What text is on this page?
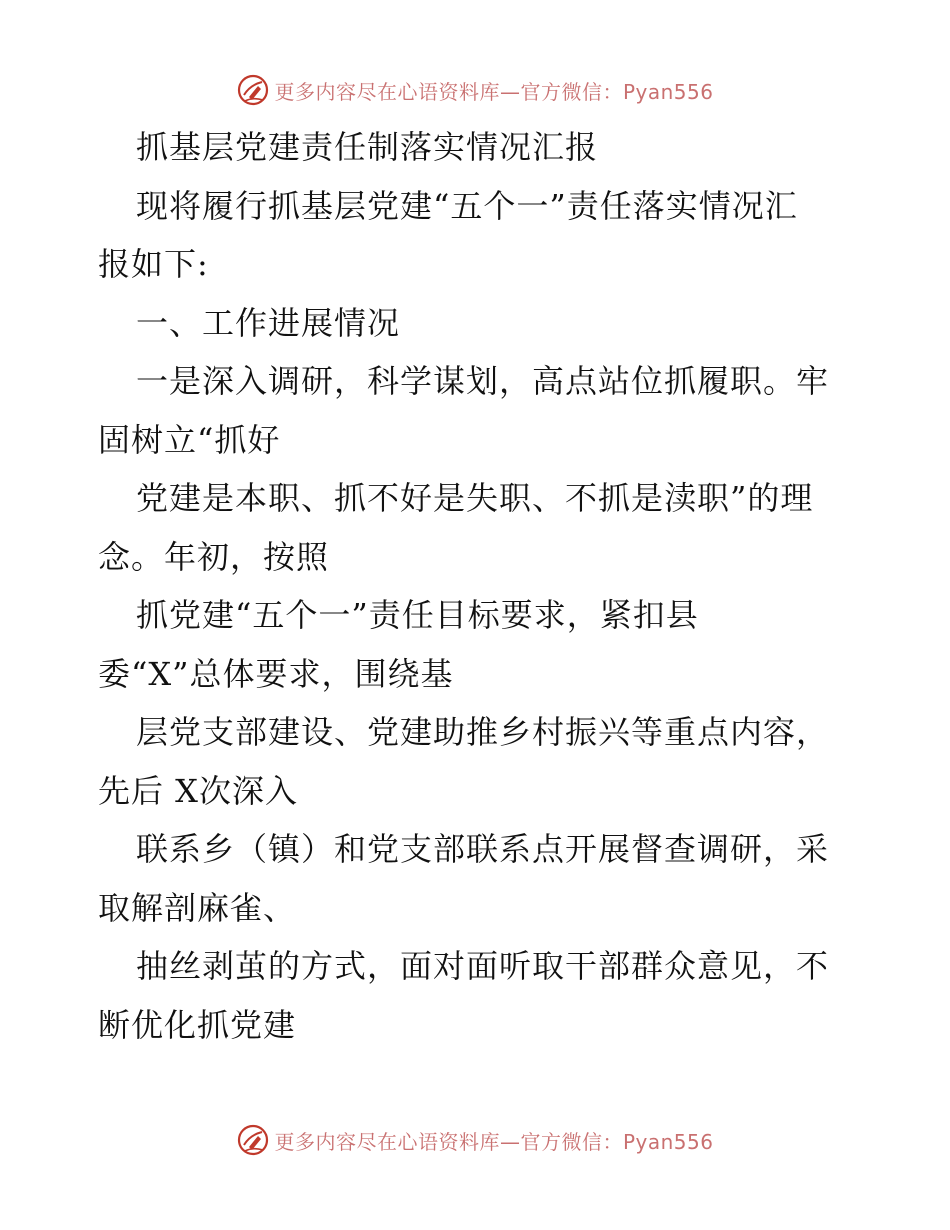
更多内容尽在心语资料库—官方微信：Pyan556
抓基层党建责任制落实情况汇报
现将履行抓基层党建“五个一”责任落实情况汇
报如下:
一、工作进展情况
一是深入调研，科学谋划，高点站位抓履职。牢
固树立“抓好
党建是本职、抓不好是失职、不抓是渎职”的理
念。年初，按照
抓党建“五个一”责任目标要求，紧扣县
委“X”总体要求，围绕基
层党支部建设、党建助推乡村振兴等重点内容，
先后 X次深入
联系乡（镇）和党支部联系点开展督查调研，采
取解剖麻雀、
抽丝剥茧的方式，面对面听取干部群众意见，不
断优化抓党建
更多内容尽在心语资料库—官方微信：Pyan556
